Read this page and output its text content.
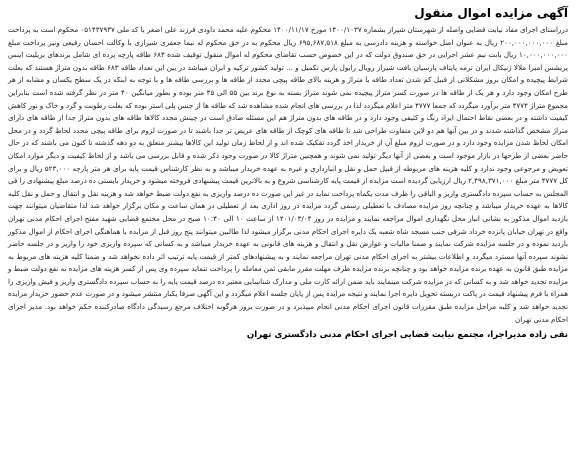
آگهی مزایده اموال منقول

درراستای اجرای مفاد نیابت قضایی واصله از شهرستان شیراز بشماره ۱۴۰۰/۱۰۳۷ مورخ ۱۴۰۰/۱۱/۱۷ محکوم علیه محمد داودی فرزند علی اصغر با کد ملی ۰۵۱۴۳۷۹۳۷ محکوم است به پرداخت مبلغ ۲۰۰,۰۰۰,۰۰۰,۰۰۰ ریال به عنوان اصل خواسته و هزینه دادرسی به مبلغ ۶۹۵,۶۸۷,۵۱۸ ریال محکوم به در حق محکوم له نیما جعفری شیرازی با وکالت احسان رفیعی ونیز پرداخت مبلغ ۱۰,۰۰۰,۰۰۰,۰۰۰ ریال بابت نیم عشر اجرایی در حق صندوق دولت که در این خصوص حسب تقاضای محکوم له اموال منقول توقیف شده ۶۸۴ طاقه پارچه پرده ای شامل برندهای بریلیت اینس پریشس امیرا ملالا ژنیکال ایران ترمه پایتاف پارسیان بافت شیراز رویال رایول پارس تکمیل و ... تولید کشور ترکیه و ایران میباشد در بین این تعداد طاقه ۶۸۳ طاقه بدون متراژ هستند که بعلت شرایط پیچیده و امکان بروز مشکلاتی از قبیل کم شدن تعداد طاقه یا متراژ و هزینه بالای طاقه پیچی مجدد از طاقه ها و بررسی طاقه ها و با توجه به اینکه در یک سطح یکسان و مشابه از هر طرح امکان وجود دارد و هر یک از طاقه ها در صورت کسر متراژ پیچیده نمی شوند متراژ بسته به نوع برند بین ۵۵ الی ۴۵ متر بوده و بطور میانگین ۴۰ متر در نظر گرفته شده است بنابراین مجموع متراژ ۴۷۷۴ متر برآورد میگردد که جمعا ۴۷۷۷ متر اعلام میگردد لذا در بررسی های انجام شده مشاهده شد که طاقه ها از جنس پلی استر بوده که بعلت رطوبت و گرد و خاک و نور کاهش کیفیت داشته و در بعضی نقاط احتمال ایراد رنگ و کثیفی وجود دارد و در طاقه های بدون متراژ هم این مسئله صادق است در چینش مجدد کالاها طاقه های بدون متراژ جدا از طاقه های دارای متراژ مشخص گذاشته شدند و در بین آنها هم دو لاین متفاوت طراحی شد تا طاقه های کوچک از طاقه های عریض تر جدا باشند تا در صورت لزوم برای طاقه پیچی مجدد لحاظ گردد و در محل امکان لحاظ شدن مزایده وجود دارد و در صورت لزوم مبلغ آن از خریدار اخذ گردد تفکیک شده اند و از لحاظ زمان تولید این کالاها بیشتر متعلق به دو دهه گذشته تا کنون می باشند که در حال حاضر بعضی از طرحها در بازار موجود است و بعضی از آنها دیگر تولید نمی شوند و همچنین متراژ کالا در صورت وجود ذکر شده و قابل بررسی می باشد و از لحاظ کیفیت و دیگر موارد امکان تعویض و مرجوعی وجود ندارد و کلیه هزینه های مربوطه از قبیل حمل و نقل و انبارداری و غیره به عهده خریدار میباشد و به نظر کارشناس قیمت پایه برای هر متر پارچه ۵۲۳,۰۰۰ ریال و برای کل ۴۷۷۷ متر مبلغ ۲,۴۹۸,۳۷۱,۰۰۰ ریال ارزیابی گردیده است مزایده از قیمت پایه کارشناسی شروع و به بالاترین قیمت پیشنهادی فروخته میشود و خریدار بایستی ده درصد مبلغ پیشنهادی را فی المجلس به حساب سپرده دادگستری واریز و الباقی را ظرف مدت یکماه پرداخت نماید در غیر این صورت ده درصد واریزی به نفع دولت ضبط خواهد شد و هزینه نقل و انتقال و حمل و نقل کلیه کالاها به عهده خریدار میباشد و چنانچه روز مزایده مصادف با تعطیلی رسمی گردد مزایده در روز اداری بعد از تعطیلی در همان ساعت و مکان برگزار خواهد شد لذا متقاضیان میتوانند جهت بازدید اموال مذکور به نشانی انبار محل نگهداری اموال مراجعه نمایند و مزایده در روز ۱۴۰۱/۰۳/۰۴ از ساعت ۱۰ الی ۱۰:۴۰ صبح در محل مجتمع قضایی شهید مفتح اجرای احکام مدنی تهران واقع در تهران خیابان پانزده خرداد شرقی جنب مسجد شاه شعبه یک دایره اجرای احکام مدنی برگزار میشود لذا طالبین میتوانند پنج روز قبل از مزایده با هماهنگی اجرای احکام از اموال مذکور بازدید نموده و در جلسه مزایده شرکت نمایند و ضمنا مالیات و عوارض نقل و انتقال و هزینه های قانونی به عهده خریدار میباشد و به کسانی که سپرده واریزی خود را واریز و در جلسه حاضر نشوند سپرده آنها مسترد میگردد و اطلاعات بیشتر به اجرای احکام مدنی تهران مراجعه نمایند و به پیشنهادهای کمتر از قیمت پایه ترتیب اثر داده نخواهد شد و ضمنا کلیه هزینه های مربوط به مزایده طبق قانون به عهده برنده مزایده خواهد بود و چنانچه برنده مزایده ظرف مهلت مقرر مابقی ثمن معامله را پرداخت ننماید سپرده وی پس از کسر هزینه های مزایده به نفع دولت ضبط و مزایده تجدید خواهد شد و به کسانی که در مزایده شرکت مینمایند باید ضمن ارائه کارت ملی و مدارک شناسایی معتبر ده درصد قیمت پایه را به حساب سپرده دادگستری واریز و فیش واریزی را همراه با فرم پیشنهاد قیمت در پاکت دربسته تحویل دایره اجرا نمایند و نتیجه مزایده پس از پایان جلسه اعلام میگردد و این آگهی صرفا یکبار منتشر میشود و در صورت عدم حضور خریدار مزایده تجدید خواهد شد و کلیه مراحل مزایده طبق مقررات قانون اجرای احکام مدنی انجام میپذیرد و در صورت بروز هرگونه اختلاف مرجع رسیدگی دادگاه صادرکننده حکم خواهد بود. مدیر اجرای احکام مدنی تهران

نقی زاده مدیراجرا، مجتمع نیابت قضایی اجرای احکام مدنی دادگستری تهران
